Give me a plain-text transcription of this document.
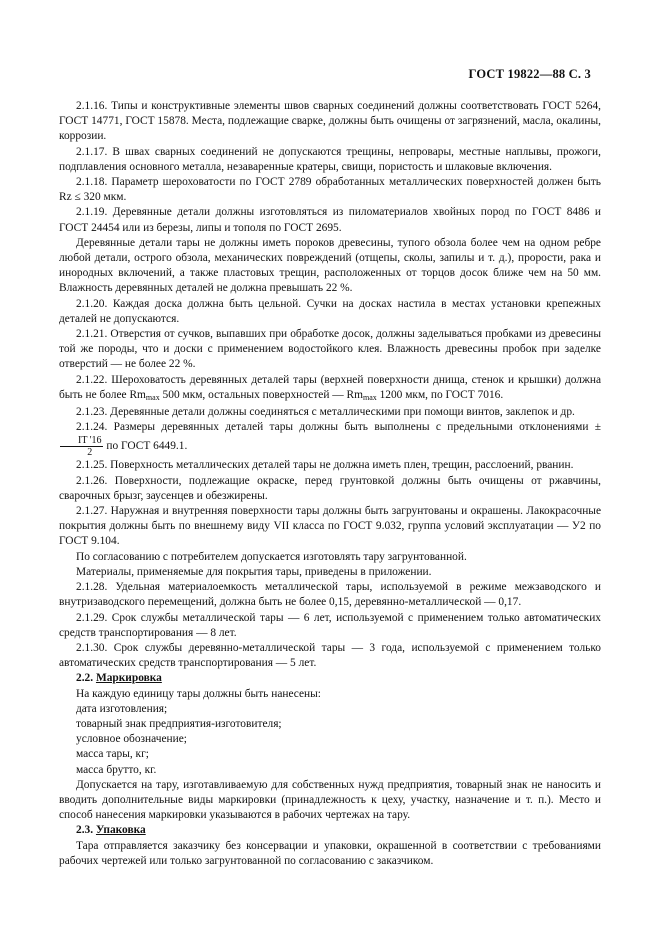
ГОСТ 19822—88 С. 3

2.1.16. Типы и конструктивные элементы швов сварных соединений должны соответствовать ГОСТ 5264, ГОСТ 14771, ГОСТ 15878. Места, подлежащие сварке, должны быть очищены от загрязнений, масла, окалины, коррозии.

2.1.17. В швах сварных соединений не допускаются трещины, непровары, местные наплывы, прожоги, подплавления основного металла, незаваренные кратеры, свищи, пористость и шлаковые включения.

2.1.18. Параметр шероховатости по ГОСТ 2789 обработанных металлических поверхностей должен быть Rz ≤ 320 мкм.

2.1.19. Деревянные детали должны изготовляться из пиломатериалов хвойных пород по ГОСТ 8486 и ГОСТ 24454 или из березы, липы и тополя по ГОСТ 2695.

Деревянные детали тары не должны иметь пороков древесины, тупого обзола более чем на одном ребре любой детали, острого обзола, механических повреждений (отщепы, сколы, запилы и т. д.), прорости, рака и инородных включений, а также пластовых трещин, расположенных от торцов досок ближе чем на 50 мм. Влажность деревянных деталей не должна превышать 22 %.

2.1.20. Каждая доска должна быть цельной. Сучки на досках настила в местах установки крепежных деталей не допускаются.

2.1.21. Отверстия от сучков, выпавших при обработке досок, должны заделываться пробками из древесины той же породы, что и доски с применением водостойкого клея. Влажность древесины пробок при заделке отверстий — не более 22 %.

2.1.22. Шероховатость деревянных деталей тары (верхней поверхности днища, стенок и крышки) должна быть не более $Rm_{max}$ 500 мкм, остальных поверхностей — $Rm_{max}$ 1200 мкм, по ГОСТ 7016.

2.1.23. Деревянные детали должны соединяться с металлическими при помощи винтов, заклепок и др.

2.1.24. Размеры деревянных деталей тары должны быть выполнены с предельными отклонениями ±
$\frac{IT '16}{2}$ по ГОСТ 6449.1.

2.1.25. Поверхность металлических деталей тары не должна иметь плен, трещин, расслоений, рванин.

2.1.26. Поверхности, подлежащие окраске, перед грунтовкой должны быть очищены от ржавчины, сварочных брызг, заусенцев и обезжирены.

2.1.27. Наружная и внутренняя поверхности тары должны быть загрунтованы и окрашены. Лакокрасочные покрытия должны быть по внешнему виду VII класса по ГОСТ 9.032, группа условий эксплуатации — У2 по ГОСТ 9.104.

По согласованию с потребителем допускается изготовлять тару загрунтованной.

Материалы, применяемые для покрытия тары, приведены в приложении.

2.1.28. Удельная материалоемкость металлической тары, используемой в режиме межзаводского и внутризаводского перемещений, должна быть не более 0,15, деревянно-металлической — 0,17.

2.1.29. Срок службы металлической тары — 6 лет, используемой с применением только автоматических средств транспортирования — 8 лет.

2.1.30. Срок службы деревянно-металлической тары — 3 года, используемой с применением только автоматических средств транспортирования — 5 лет.

2.2. Маркировка

На каждую единицу тары должны быть нанесены:

дата изготовления;

товарный знак предприятия-изготовителя;

условное обозначение;

масса тары, кг;

масса брутто, кг.

Допускается на тару, изготавливаемую для собственных нужд предприятия, товарный знак не наносить и вводить дополнительные виды маркировки (принадлежность к цеху, участку, назначение и т. п.). Место и способ нанесения маркировки указываются в рабочих чертежах на тару.

2.3. Упаковка

Тара отправляется заказчику без консервации и упаковки, окрашенной в соответствии с требованиями рабочих чертежей или только загрунтованной по согласованию с заказчиком.
